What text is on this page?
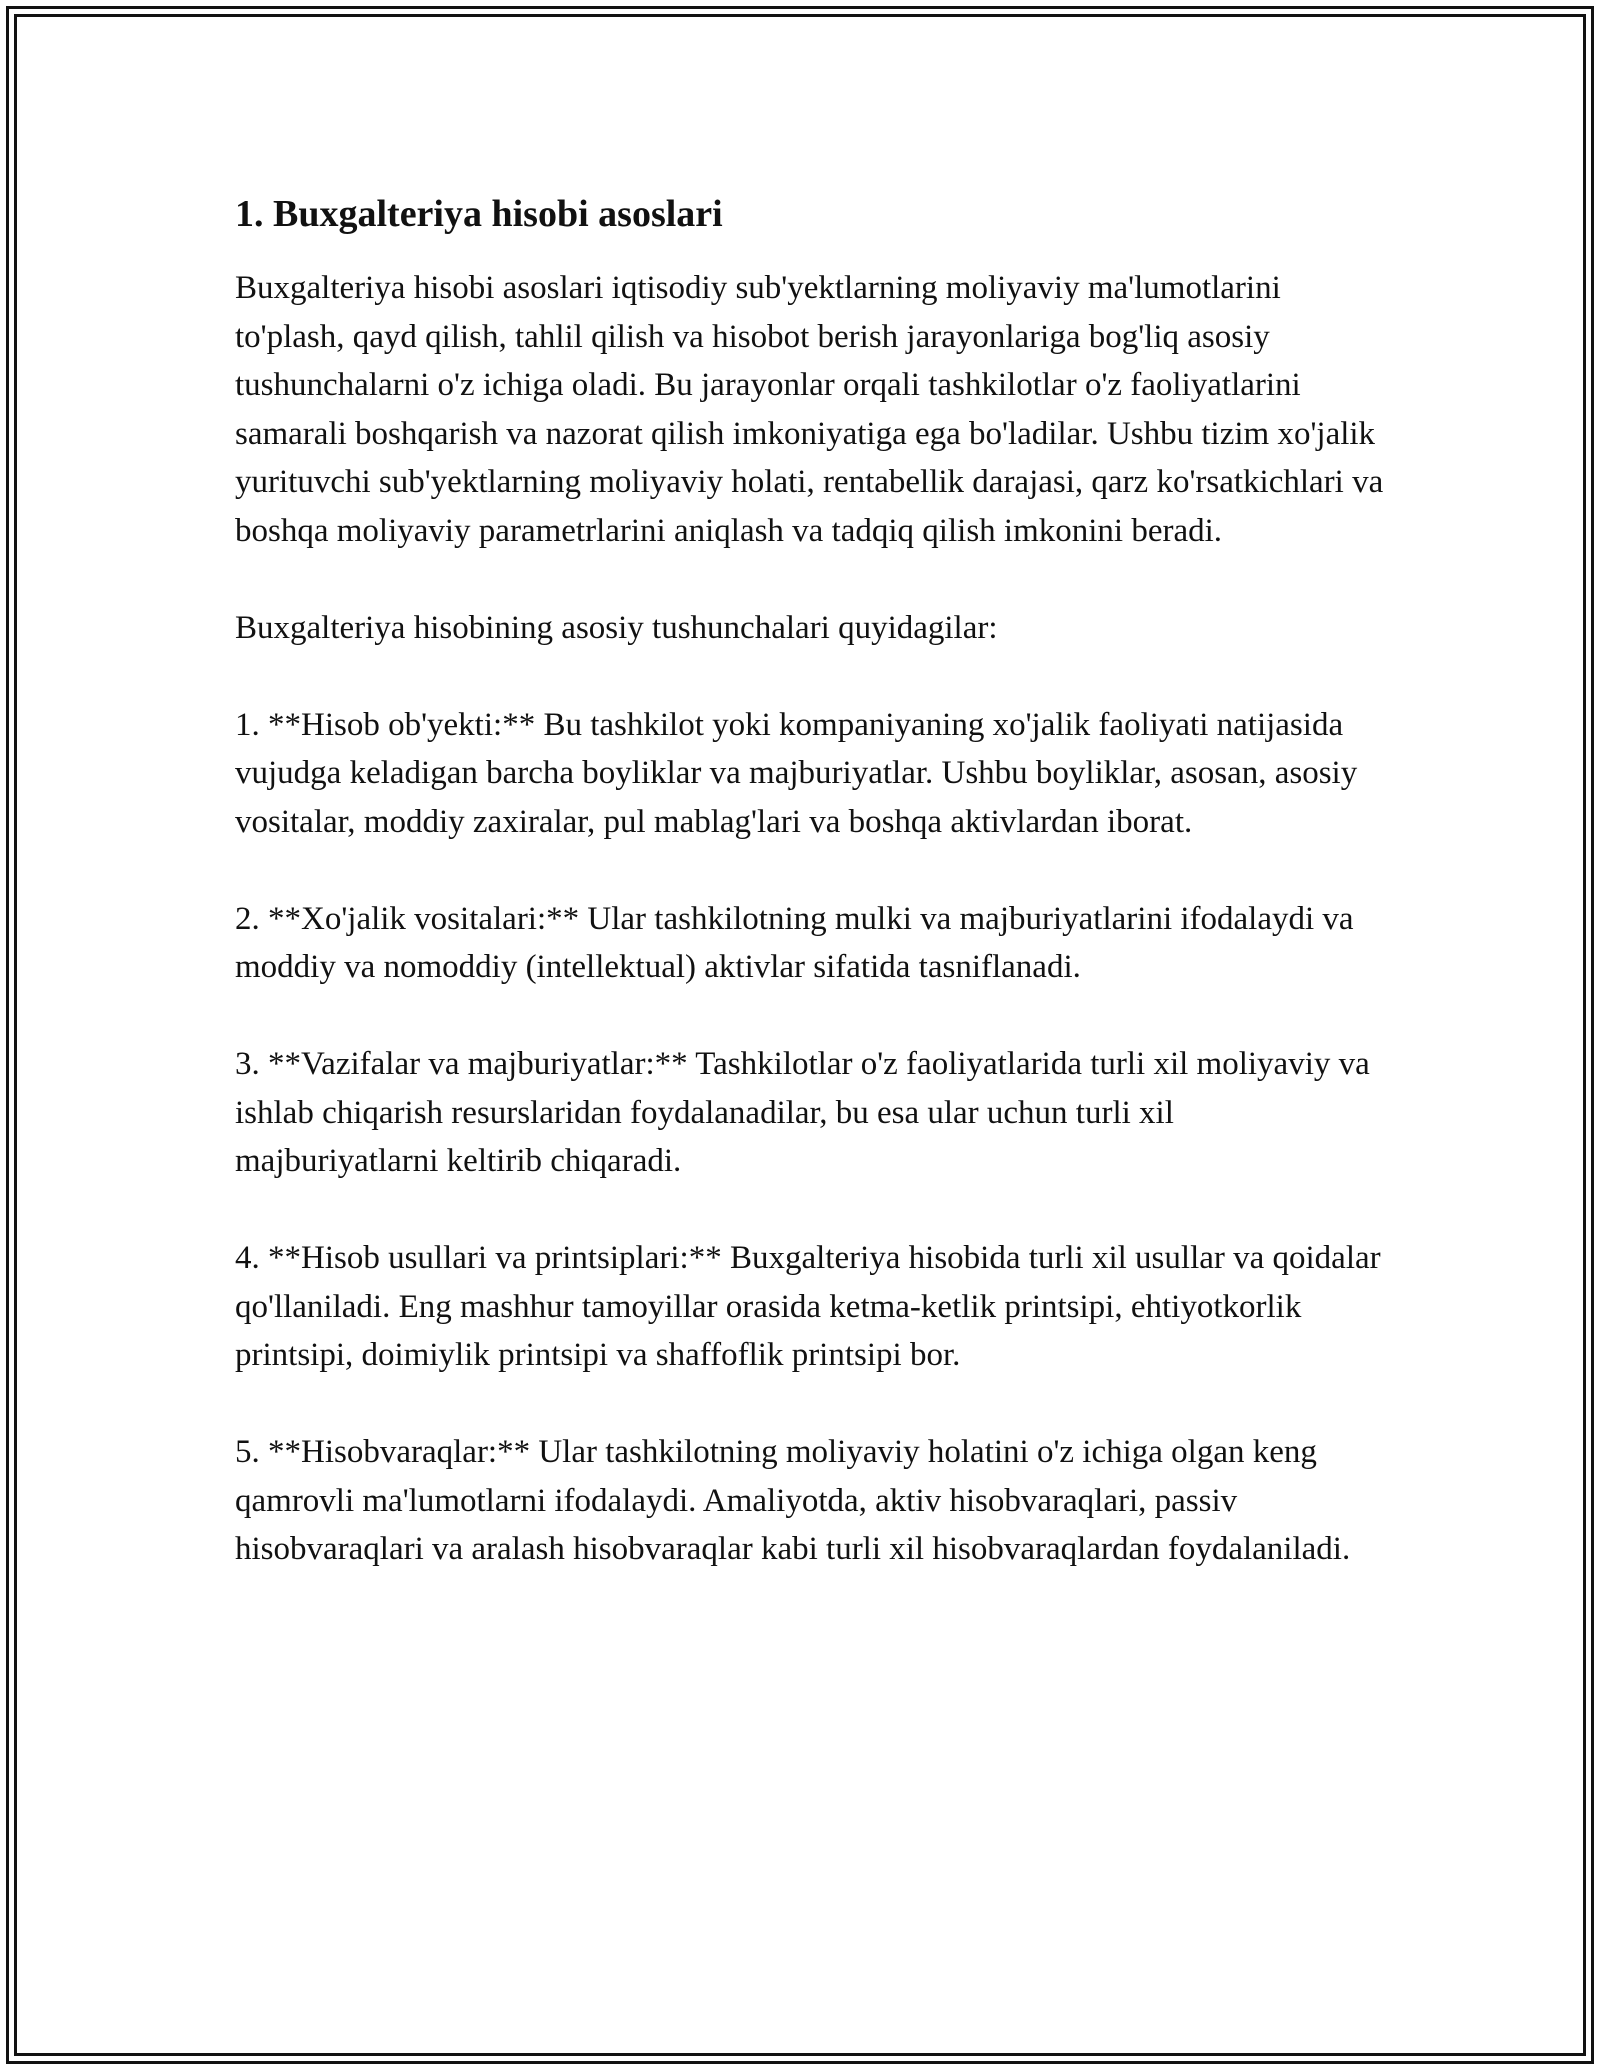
1. Buxgalteriya hisobi asoslari

Buxgalteriya hisobi asoslari iqtisodiy sub'yektlarning moliyaviy ma'lumotlarini to'plash, qayd qilish, tahlil qilish va hisobot berish jarayonlariga bog'liq asosiy tushunchalarni o'z ichiga oladi. Bu jarayonlar orqali tashkilotlar o'z faoliyatlarini samarali boshqarish va nazorat qilish imkoniyatiga ega bo'ladilar. Ushbu tizim xo'jalik yurituvchi sub'yektlarning moliyaviy holati, rentabellik darajasi, qarz ko'rsatkichlari va boshqa moliyaviy parametrlarini aniqlash va tadqiq qilish imkonini beradi.

Buxgalteriya hisobining asosiy tushunchalari quyidagilar:

1. **Hisob ob'yekti:** Bu tashkilot yoki kompaniyaning xo'jalik faoliyati natijasida vujudga keladigan barcha boyliklar va majburiyatlar. Ushbu boyliklar, asosan, asosiy vositalar, moddiy zaxiralar, pul mablag'lari va boshqa aktivlardan iborat.

2. **Xo'jalik vositalari:** Ular tashkilotning mulki va majburiyatlarini ifodalaydi va moddiy va nomoddiy (intellektual) aktivlar sifatida tasniflanadi.

3. **Vazifalar va majburiyatlar:** Tashkilotlar o'z faoliyatlarida turli xil moliyaviy va ishlab chiqarish resurslaridan foydalanadilar, bu esa ular uchun turli xil majburiyatlarni keltirib chiqaradi.

4. **Hisob usullari va printsiplari:** Buxgalteriya hisobida turli xil usullar va qoidalar qo'llaniladi. Eng mashhur tamoyillar orasida ketma-ketlik printsipi, ehtiyotkorlik printsipi, doimiylik printsipi va shaffoflik printsipi bor.

5. **Hisobvaraqlar:** Ular tashkilotning moliyaviy holatini o'z ichiga olgan keng qamrovli ma'lumotlarni ifodalaydi. Amaliyotda, aktiv hisobvaraqlari, passiv hisobvaraqlari va aralash hisobvaraqlar kabi turli xil hisobvaraqlardan foydalaniladi.
